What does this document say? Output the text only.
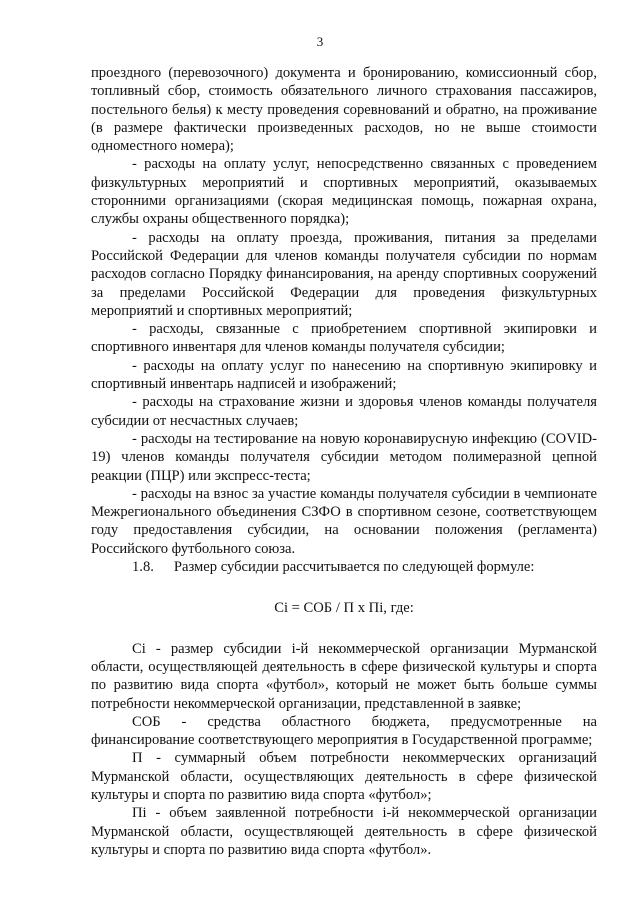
3

проездного (перевозочного) документа и бронированию, комиссионный сбор, топливный сбор, стоимость обязательного личного страхования пассажиров, постельного белья) к месту проведения соревнований и обратно, на проживание (в размере фактически произведенных расходов, но не выше стоимости одноместного номера);

- расходы на оплату услуг, непосредственно связанных с проведением физкультурных мероприятий и спортивных мероприятий, оказываемых сторонними организациями (скорая медицинская помощь, пожарная охрана, службы охраны общественного порядка);

- расходы на оплату проезда, проживания, питания за пределами Российской Федерации для членов команды получателя субсидии по нормам расходов согласно Порядку финансирования, на аренду спортивных сооружений за пределами Российской Федерации для проведения физкультурных мероприятий и спортивных мероприятий;

- расходы, связанные с приобретением спортивной экипировки и спортивного инвентаря для членов команды получателя субсидии;

- расходы на оплату услуг по нанесению на спортивную экипировку и спортивный инвентарь надписей и изображений;

- расходы на страхование жизни и здоровья членов команды получателя субсидии от несчастных случаев;

- расходы на тестирование на новую коронавирусную инфекцию (COVID-19) членов команды получателя субсидии методом полимеразной цепной реакции (ПЦР) или экспресс-теста;

- расходы на взнос за участие команды получателя субсидии в чемпионате Межрегионального объединения СЗФО в спортивном сезоне, соответствующем году предоставления субсидии, на основании положения (регламента) Российского футбольного союза.

1.8. Размер субсидии рассчитывается по следующей формуле:

Ci = СОБ / П x Пi, где:

Ci - размер субсидии i-й некоммерческой организации Мурманской области, осуществляющей деятельность в сфере физической культуры и спорта по развитию вида спорта «футбол», который не может быть больше суммы потребности некоммерческой организации, представленной в заявке;

СОБ - средства областного бюджета, предусмотренные на финансирование соответствующего мероприятия в Государственной программе;

П - суммарный объем потребности некоммерческих организаций Мурманской области, осуществляющих деятельность в сфере физической культуры и спорта по развитию вида спорта «футбол»;

Пi - объем заявленной потребности i-й некоммерческой организации Мурманской области, осуществляющей деятельность в сфере физической культуры и спорта по развитию вида спорта «футбол».
